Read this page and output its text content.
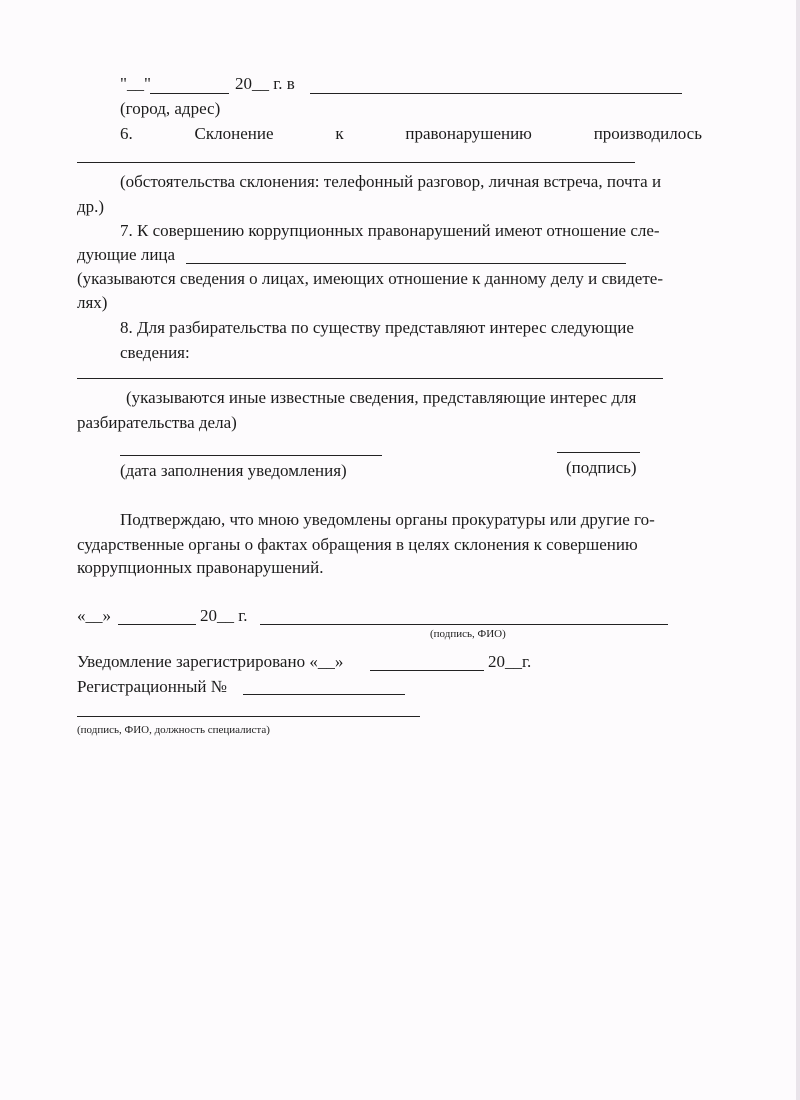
"__"	20__ г. в
(город, адрес)
6.	Склонение	к	правонарушению	производилось
(обстоятельства склонения: телефонный разговор, личная встреча, почта и
др.)
7. К совершению коррупционных правонарушений имеют отношение сле-
дующие лица
(указываются сведения о лицах, имеющих отношение к данному делу и свидете-
лях)
8. Для разбирательства по существу представляют интерес следующие
сведения:
(указываются иные известные сведения, представляющие интерес для
разбирательства дела)
(дата заполнения уведомления)	(подпись)
Подтверждаю, что мною уведомлены органы прокуратуры или другие го-
сударственные органы о фактах обращения в целях склонения к совершению
коррупционных правонарушений.
«__»	20__ г.
(подпись, ФИО)
Уведомление зарегистрировано «__»	20__г.
Регистрационный №
(подпись, ФИО, должность специалиста)
